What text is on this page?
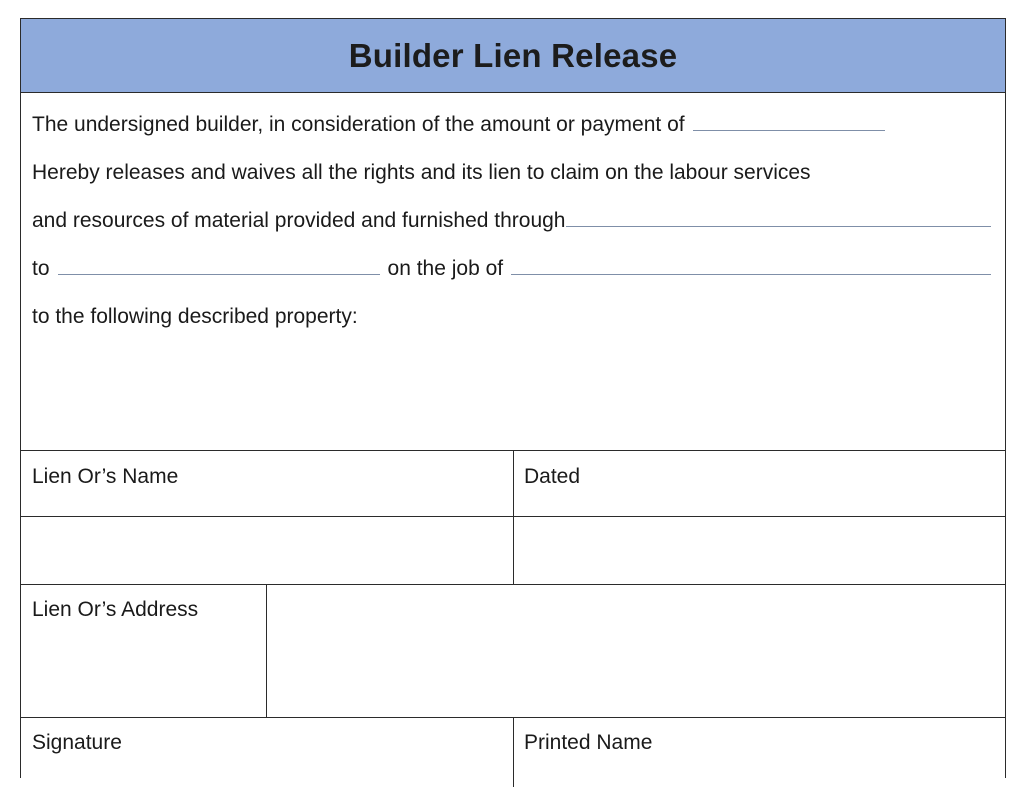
Builder Lien Release
The undersigned builder, in consideration of the amount or payment of
Hereby releases and waives all the rights and its lien to claim on the labour services
and resources of material provided and furnished through
to	on the job of
to the following described property:
Lien Or’s Name	Dated
Lien Or’s Address
Signature	Printed Name
